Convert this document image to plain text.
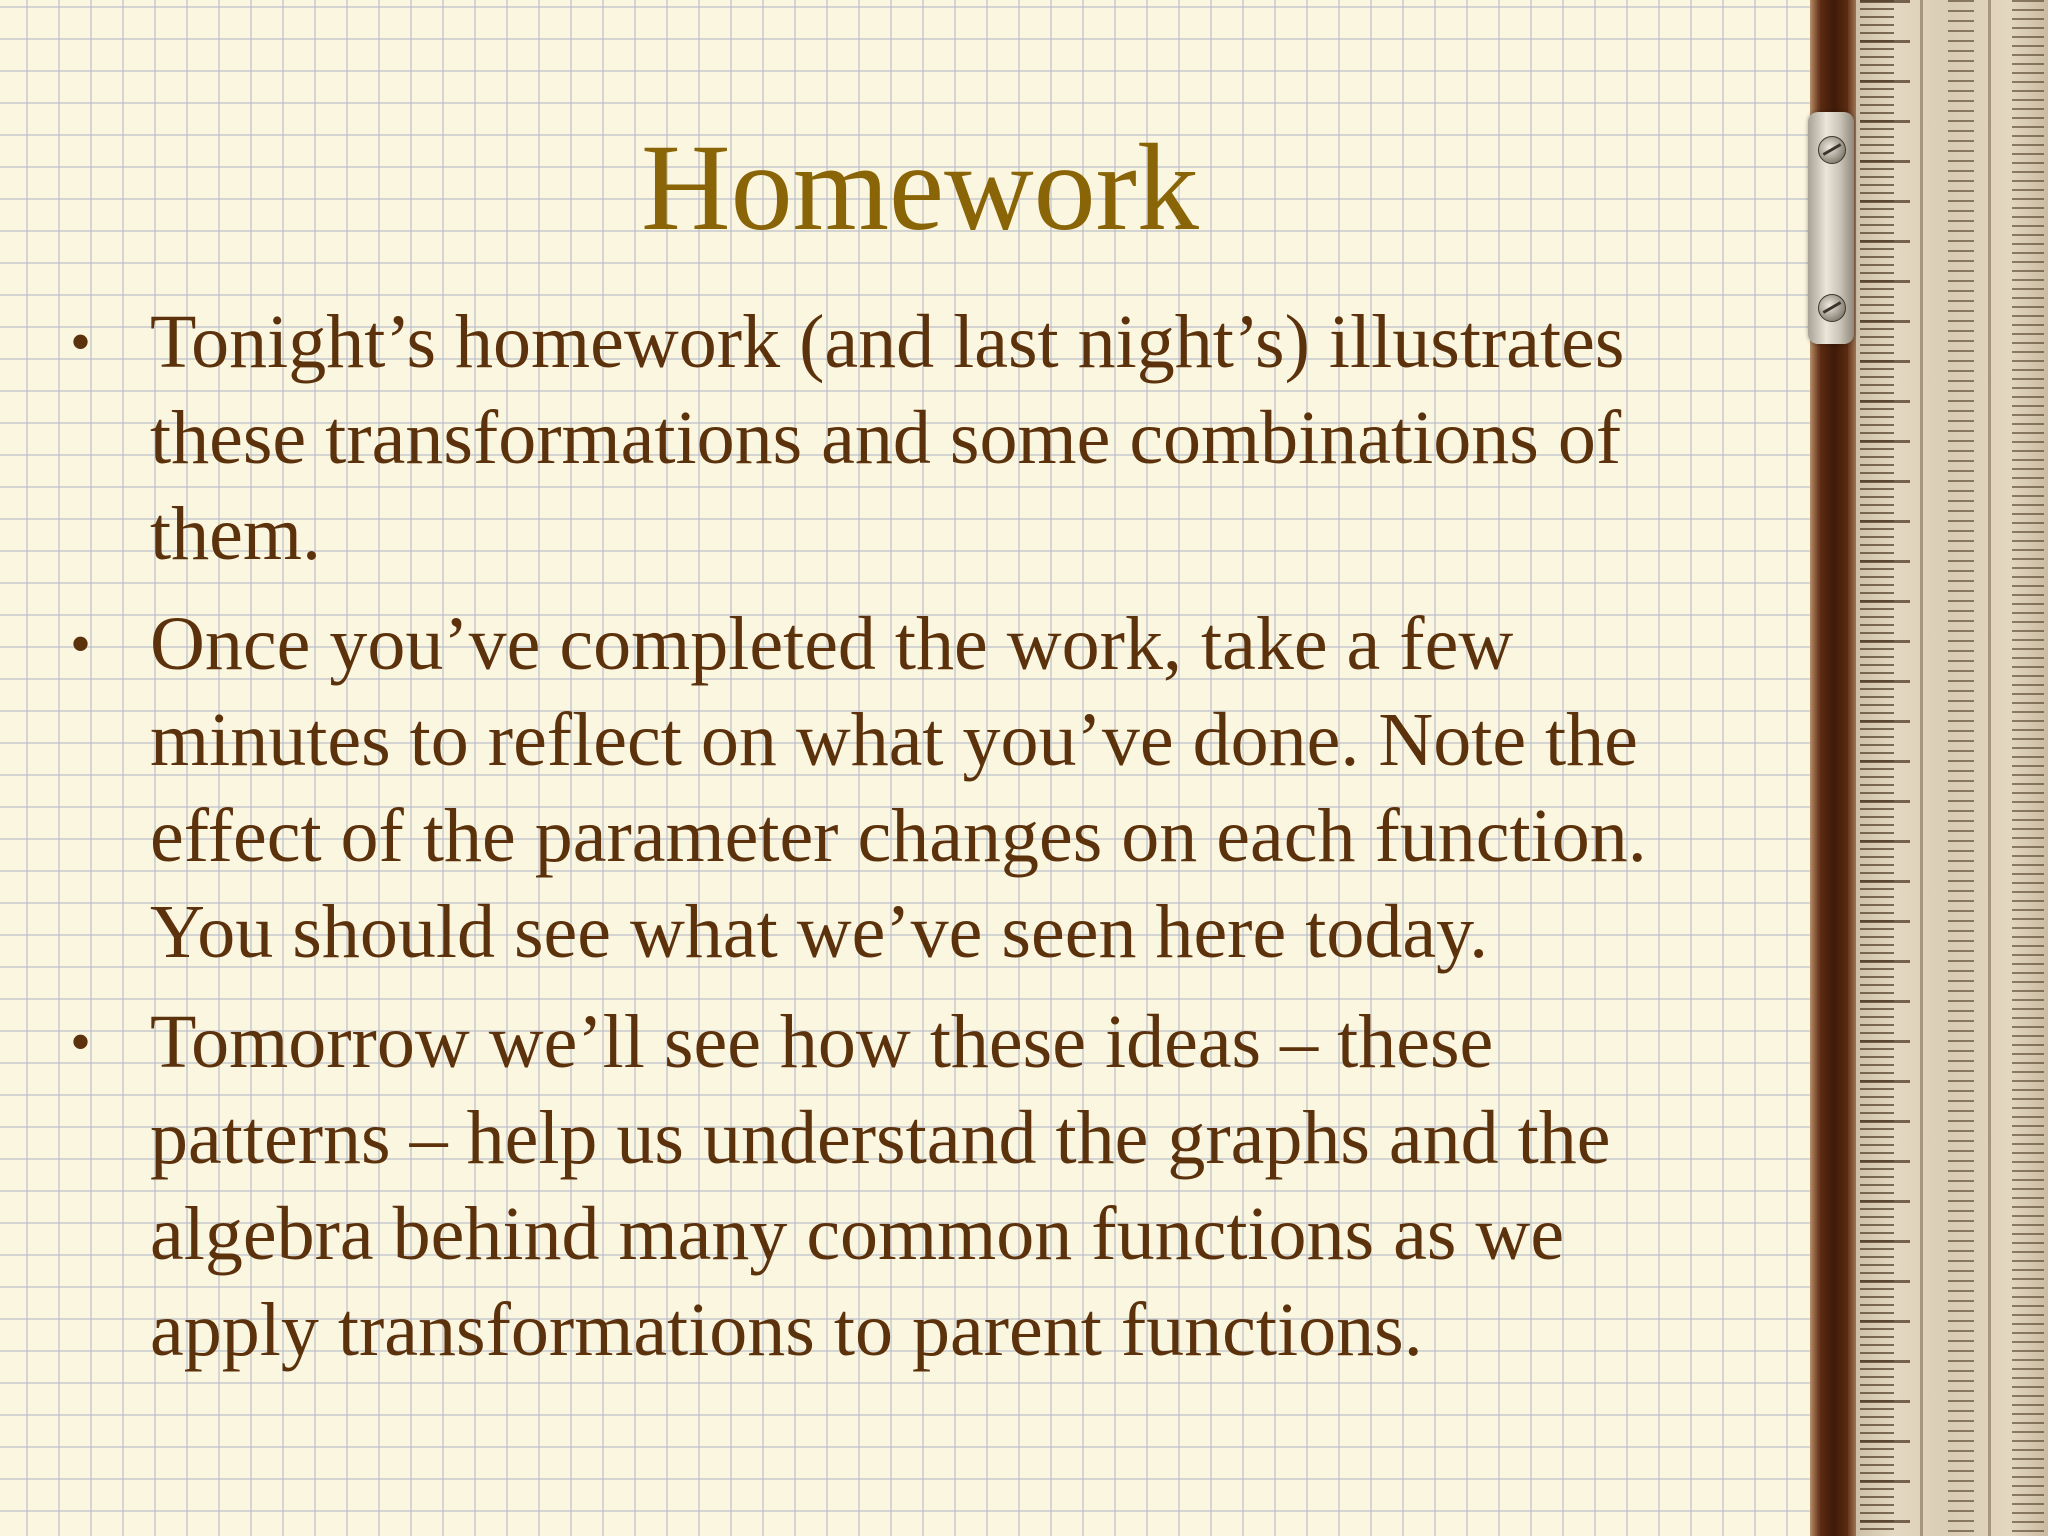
Homework
• Tonight’s homework (and last night’s) illustrates these transformations and some combinations of them.
• Once you’ve completed the work, take a few minutes to reflect on what you’ve done. Note the effect of the parameter changes on each function. You should see what we’ve seen here today.
• Tomorrow we’ll see how these ideas – these patterns – help us understand the graphs and the algebra behind many common functions as we apply transformations to parent functions.
